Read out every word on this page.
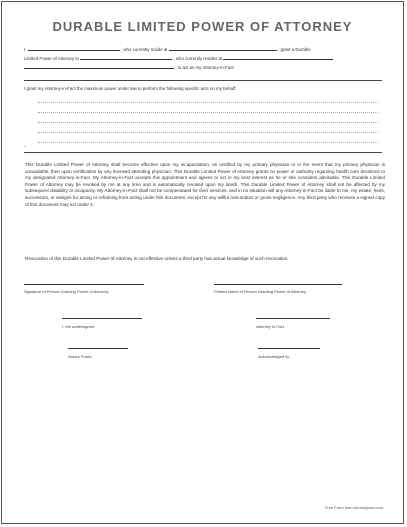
DURABLE LIMITED POWER OF ATTORNEY
I,	, who currently reside at	, grant a Durable
Limited Power of Attorney to	, who currently resides at
, to act as my Attorney-in-Fact.
I grant my Attorney-in-Fact the maximum power under law to perform the following specific acts on my behalf:
-
This Durable Limited Power of Attorney shall become effective upon my incapacitation, as certified by my primary physician or in the event that my primary physician is unavailable, then upon certification by any licensed attending physician. This Durable Limited Power of Attorney grants no power or authority regarding health care decisions to my designated Attorney-in-Fact. My Attorney-in-Fact accepts this appointment and agrees to act in my best interest as he or she considers advisable. This Durable Limited Power of Attorney may be revoked by me at any time and is automatically revoked upon my death. This Durable Limited Power of Attorney shall not be affected by my subsequent disability or incapacity. My Attorney-in-Fact shall not be compensated for their services, and in no situation will any Attorney-in-Fact be liable to me, my estate, heirs, successors, or assigns for acting or refraining from acting under this document, except for any willful misconduct or gross negligence. Any third party who receives a signed copy of this document may act under it.
Revocation of this Durable Limited Power of Attorney is not effective unless a third party has actual knowledge of such revocation.
Signature of Person Granting Power of Attorney	Printed Name of Person Granting Power of Attorney
I, the undersigned	Attorney in Fact
Notary Public	Acknowledged by
Free Form from formsbyslot.com
